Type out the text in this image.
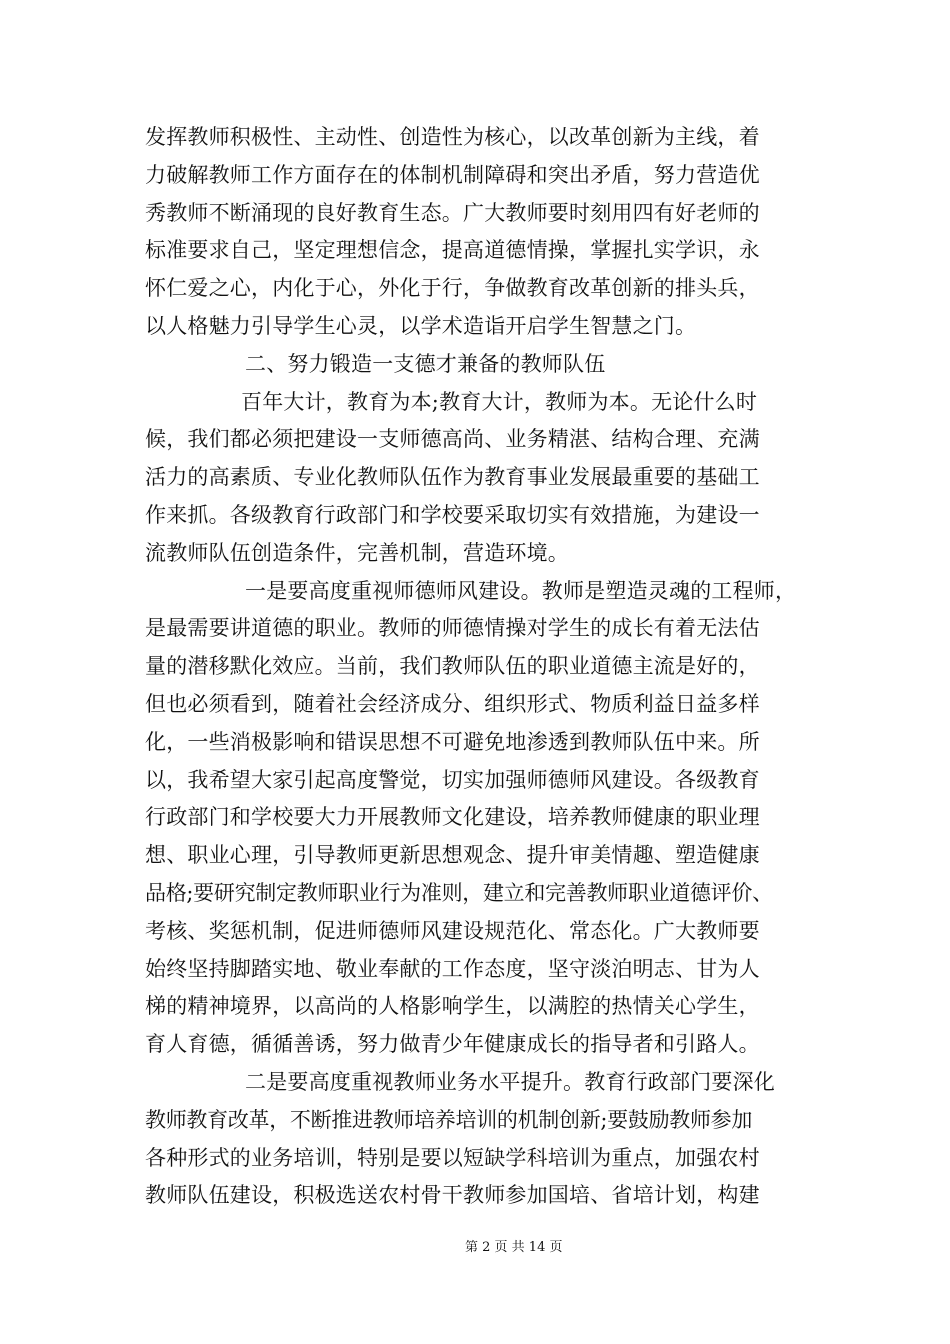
发挥教师积极性、主动性、创造性为核心，以改革创新为主线，着
力破解教师工作方面存在的体制机制障碍和突出矛盾，努力营造优
秀教师不断涌现的良好教育生态。广大教师要时刻用四有好老师的
标准要求自己，坚定理想信念，提高道德情操，掌握扎实学识，永
怀仁爱之心，内化于心，外化于行，争做教育改革创新的排头兵，
以人格魅力引导学生心灵，以学术造诣开启学生智慧之门。
二、努力锻造一支德才兼备的教师队伍
百年大计，教育为本;教育大计，教师为本。无论什么时
候，我们都必须把建设一支师德高尚、业务精湛、结构合理、充满
活力的高素质、专业化教师队伍作为教育事业发展最重要的基础工
作来抓。各级教育行政部门和学校要采取切实有效措施，为建设一
流教师队伍创造条件，完善机制，营造环境。
一是要高度重视师德师风建设。教师是塑造灵魂的工程师，
是最需要讲道德的职业。教师的师德情操对学生的成长有着无法估
量的潜移默化效应。当前，我们教师队伍的职业道德主流是好的，
但也必须看到，随着社会经济成分、组织形式、物质利益日益多样
化，一些消极影响和错误思想不可避免地渗透到教师队伍中来。所
以，我希望大家引起高度警觉，切实加强师德师风建设。各级教育
行政部门和学校要大力开展教师文化建设，培养教师健康的职业理
想、职业心理，引导教师更新思想观念、提升审美情趣、塑造健康
品格;要研究制定教师职业行为准则，建立和完善教师职业道德评价、
考核、奖惩机制，促进师德师风建设规范化、常态化。广大教师要
始终坚持脚踏实地、敬业奉献的工作态度，坚守淡泊明志、甘为人
梯的精神境界，以高尚的人格影响学生，以满腔的热情关心学生，
育人育德，循循善诱，努力做青少年健康成长的指导者和引路人。
二是要高度重视教师业务水平提升。教育行政部门要深化
教师教育改革，不断推进教师培养培训的机制创新;要鼓励教师参加
各种形式的业务培训，特别是要以短缺学科培训为重点，加强农村
教师队伍建设，积极选送农村骨干教师参加国培、省培计划，构建
第 2 页 共 14 页
